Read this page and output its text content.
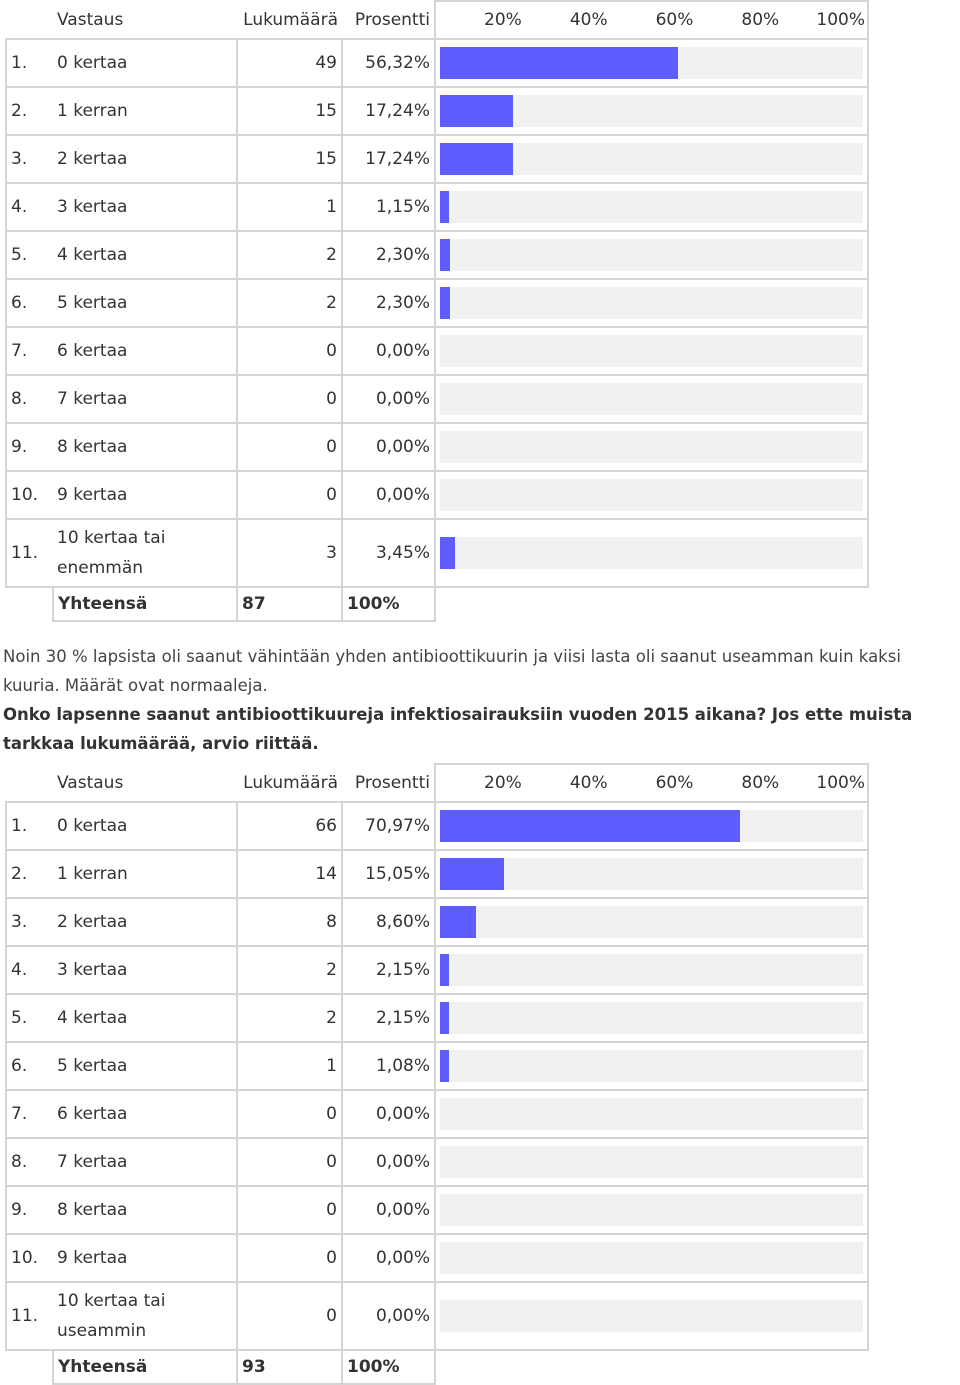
	Vastaus	Lukumäärä	Prosentti	20% 40% 60% 80% 100%

1.	0 kertaa	49	56,32%	

2.	1 kerran	15	17,24%	

3.	2 kertaa	15	17,24%	

4.	3 kertaa	1	1,15%	

5.	4 kertaa	2	2,30%	

6.	5 kertaa	2	2,30%	

7.	6 kertaa	0	0,00%	

8.	7 kertaa	0	0,00%	

9.	8 kertaa	0	0,00%	

10.	9 kertaa	0	0,00%	

11.	10 kertaa tai enemmän	3	3,45%	

	Yhteensä	87	100%	
Noin 30 % lapsista oli saanut vähintään yhden antibioottikuurin ja viisi lasta oli saanut useamman kuin kaksi kuuria. Määrät ovat normaaleja.
Onko lapsenne saanut antibioottikuureja infektiosairauksiin vuoden 2015 aikana? Jos ette muista tarkkaa lukumäärää, arvio riittää.
	Vastaus	Lukumäärä	Prosentti	20% 40% 60% 80% 100%

1.	0 kertaa	66	70,97%	

2.	1 kerran	14	15,05%	

3.	2 kertaa	8	8,60%	

4.	3 kertaa	2	2,15%	

5.	4 kertaa	2	2,15%	

6.	5 kertaa	1	1,08%	

7.	6 kertaa	0	0,00%	

8.	7 kertaa	0	0,00%	

9.	8 kertaa	0	0,00%	

10.	9 kertaa	0	0,00%	

11.	10 kertaa tai useammin	0	0,00%	

	Yhteensä	93	100%	
